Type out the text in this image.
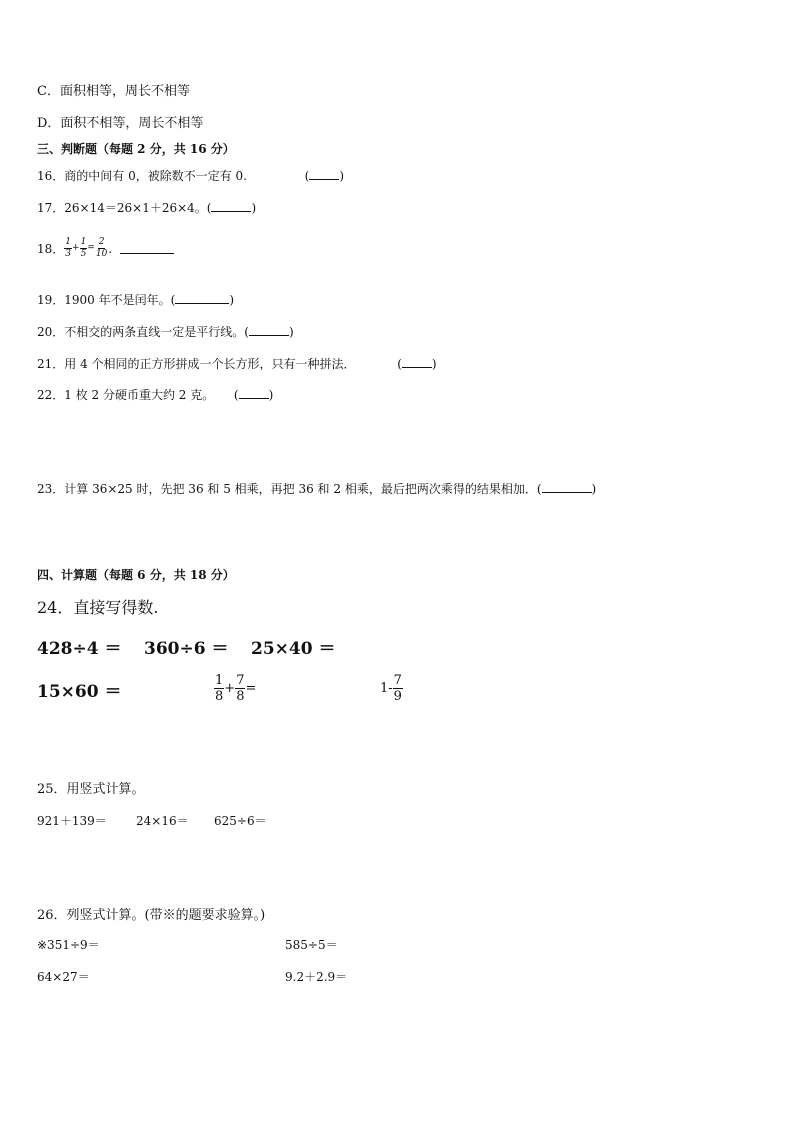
C．面积相等，周长不相等
D．面积不相等，周长不相等
三、判断题（每题 2 分，共 16 分）
16．商的中间有 0，被除数不一定有 0.	(	)
17．26×14＝26×1＋26×4。(	)
18． $\frac{1}{3} + \frac{1}{5} = \frac{2}{10}$ .
19．1900 年不是闰年。(	)
20．不相交的两条直线一定是平行线。(	)
21．用 4 个相同的正方形拼成一个长方形，只有一种拼法．	(	)
22．1 枚 2 分硬币重大约 2 克。 (	)
23．计算 36×25 时，先把 36 和 5 相乘，再把 36 和 2 相乘，最后把两次乘得的结果相加．(	)
四、计算题（每题 6 分，共 18 分）
24．直接写得数.
428÷4 ＝ 360÷6 ＝ 25×40 ＝
15×60 ＝	$\frac{1}{8} + \frac{7}{8}$ =	$1- \frac{7}{9}$
25．用竖式计算。
921＋139＝ 24×16＝ 625÷6＝
26．列竖式计算。(带※的题要求验算。)
※351÷9＝	585÷5＝
64×27＝	9.2＋2.9＝
